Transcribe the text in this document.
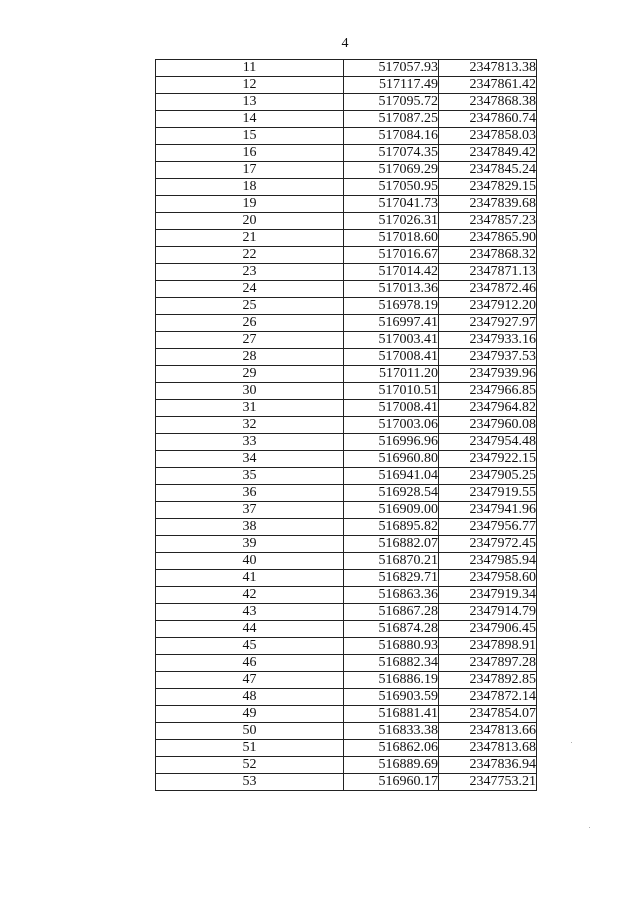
4
11	517057.93	2347813.38
12	517117.49	2347861.42
13	517095.72	2347868.38
14	517087.25	2347860.74
15	517084.16	2347858.03
16	517074.35	2347849.42
17	517069.29	2347845.24
18	517050.95	2347829.15
19	517041.73	2347839.68
20	517026.31	2347857.23
21	517018.60	2347865.90
22	517016.67	2347868.32
23	517014.42	2347871.13
24	517013.36	2347872.46
25	516978.19	2347912.20
26	516997.41	2347927.97
27	517003.41	2347933.16
28	517008.41	2347937.53
29	517011.20	2347939.96
30	517010.51	2347966.85
31	517008.41	2347964.82
32	517003.06	2347960.08
33	516996.96	2347954.48
34	516960.80	2347922.15
35	516941.04	2347905.25
36	516928.54	2347919.55
37	516909.00	2347941.96
38	516895.82	2347956.77
39	516882.07	2347972.45
40	516870.21	2347985.94
41	516829.71	2347958.60
42	516863.36	2347919.34
43	516867.28	2347914.79
44	516874.28	2347906.45
45	516880.93	2347898.91
46	516882.34	2347897.28
47	516886.19	2347892.85
48	516903.59	2347872.14
49	516881.41	2347854.07
50	516833.38	2347813.66
51	516862.06	2347813.68
52	516889.69	2347836.94
53	516960.17	2347753.21
